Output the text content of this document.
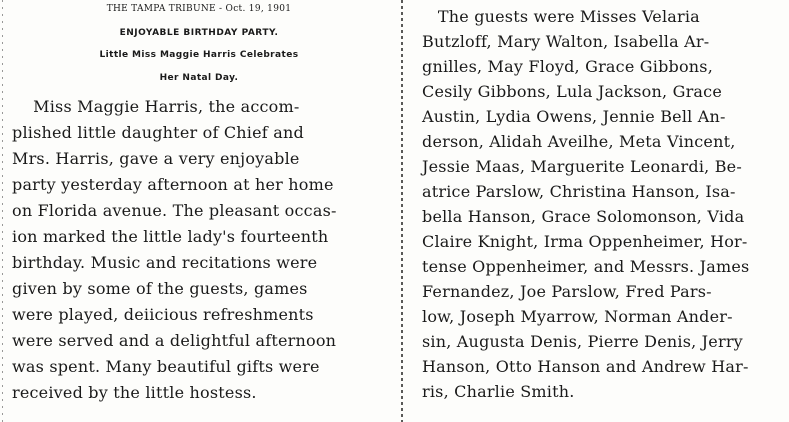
THE TAMPA TRIBUNE - Oct. 19, 1901
ENJOYABLE BIRTHDAY PARTY.
Little Miss Maggie Harris Celebrates
Her Natal Day.
Miss Maggie Harris, the accom-
plished little daughter of Chief and
Mrs. Harris, gave a very enjoyable
party yesterday afternoon at her home
on Florida avenue. The pleasant occas-
ion marked the little lady's fourteenth
birthday. Music and recitations were
given by some of the guests, games
were played, deiicious refreshments
were served and a delightful afternoon
was spent. Many beautiful gifts were
received by the little hostess.
The guests were Misses Velaria
Butzloff, Mary Walton, Isabella Ar-
gnilles, May Floyd, Grace Gibbons,
Cesily Gibbons, Lula Jackson, Grace
Austin, Lydia Owens, Jennie Bell An-
derson, Alidah Aveilhe, Meta Vincent,
Jessie Maas, Marguerite Leonardi, Be-
atrice Parslow, Christina Hanson, Isa-
bella Hanson, Grace Solomonson, Vida
Claire Knight, Irma Oppenheimer, Hor-
tense Oppenheimer, and Messrs. James
Fernandez, Joe Parslow, Fred Pars-
low, Joseph Myarrow, Norman Ander-
sin, Augusta Denis, Pierre Denis, Jerry
Hanson, Otto Hanson and Andrew Har-
ris, Charlie Smith.
